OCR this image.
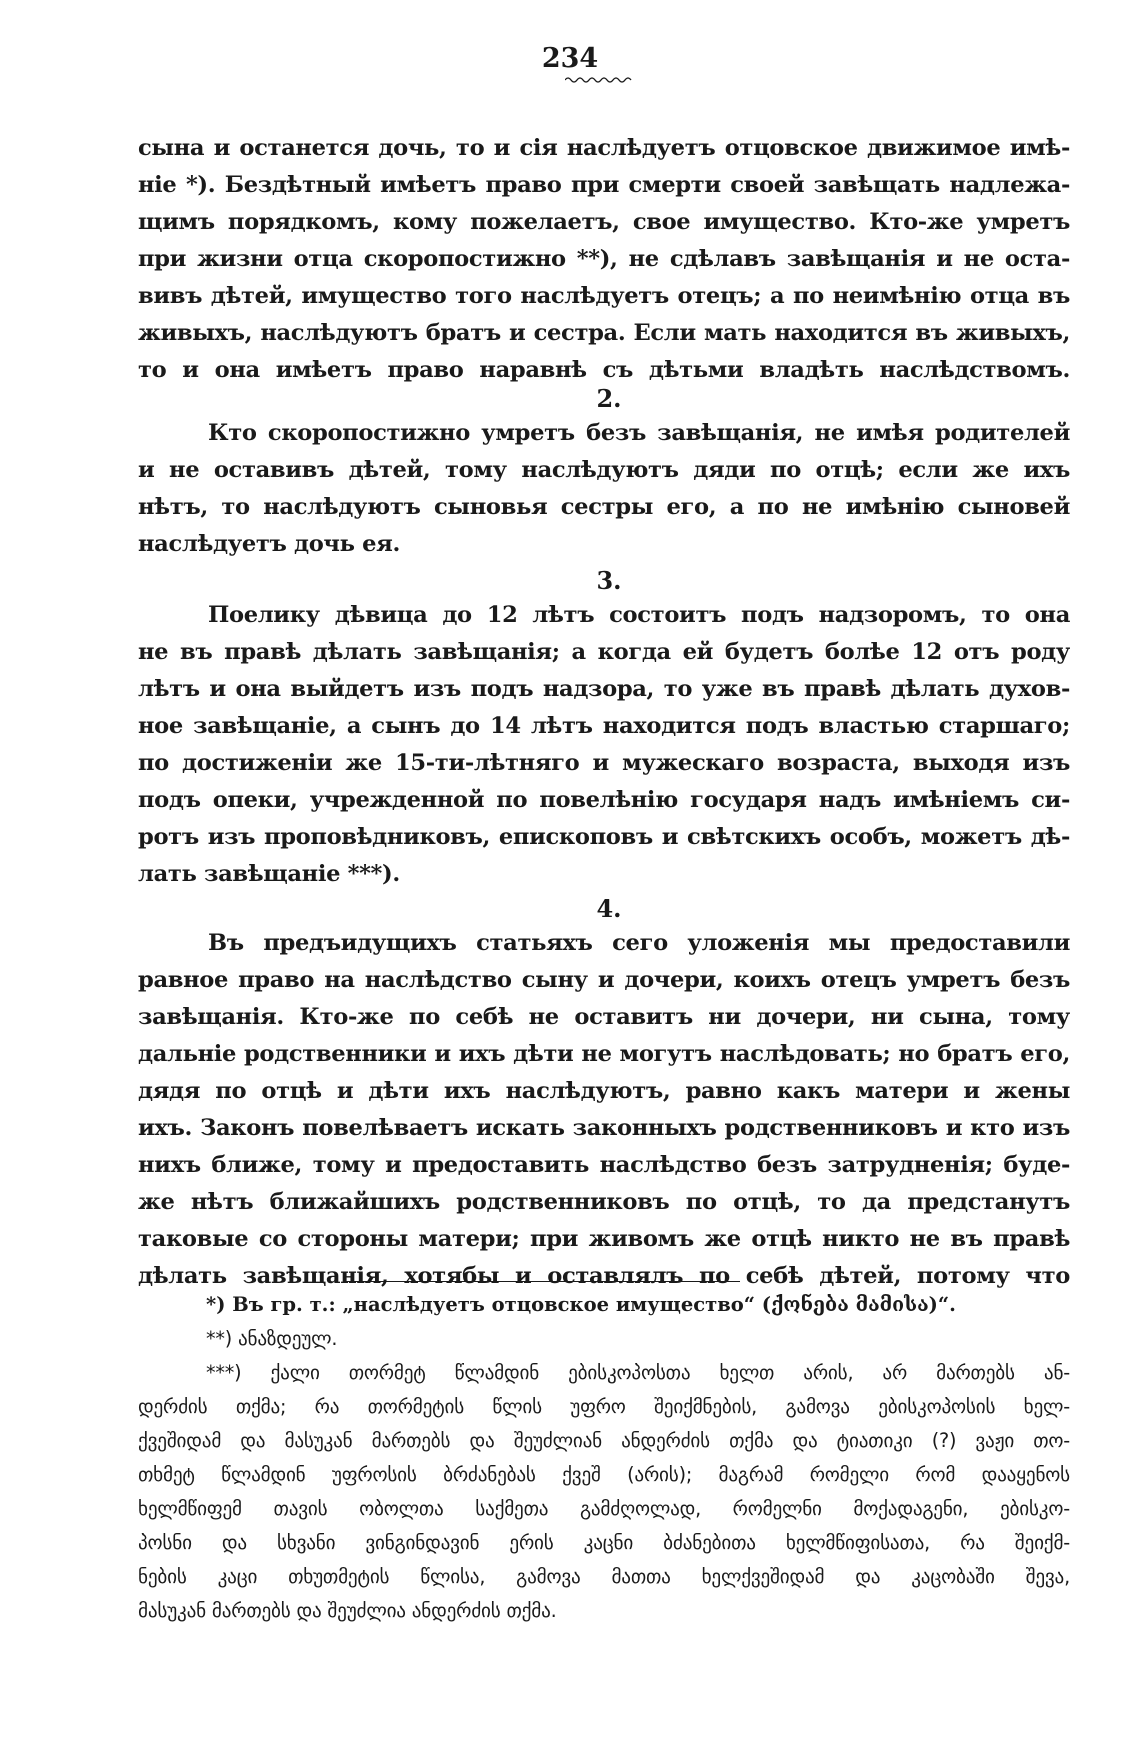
234
сына и останется дочь, то и сія наслѣдуетъ отцовское движимое имѣ-
ніе *). Бездѣтный имѣетъ право при смерти своей завѣщать надлежа-
щимъ порядкомъ, кому пожелаетъ, свое имущество. Кто-же умретъ
при жизни отца скоропостижно **), не сдѣлавъ завѣщанія и не оста-
вивъ дѣтей, имущество того наслѣдуетъ отецъ; а по неимѣнію отца въ
живыхъ, наслѣдуютъ братъ и сестра. Если мать находится въ живыхъ,
то и она имѣетъ право наравнѣ съ дѣтьми владѣть наслѣдствомъ.
2.
Кто скоропостижно умретъ безъ завѣщанія, не имѣя родителей
и не оставивъ дѣтей, тому наслѣдуютъ дяди по отцѣ; если же ихъ
нѣтъ, то наслѣдуютъ сыновья сестры его, а по не имѣнію сыновей
наслѣдуетъ дочь ея.
3.
Поелику дѣвица до 12 лѣтъ состоитъ подъ надзоромъ, то она
не въ правѣ дѣлать завѣщанія; а когда ей будетъ болѣе 12 отъ роду
лѣтъ и она выйдетъ изъ подъ надзора, то уже въ правѣ дѣлать духов-
ное завѣщаніе, а сынъ до 14 лѣтъ находится подъ властью старшаго;
по достиженіи же 15-ти-лѣтняго и мужескаго возраста, выходя изъ
подъ опеки, учрежденной по повелѣнію государя надъ имѣніемъ си-
ротъ изъ проповѣдниковъ, епископовъ и свѣтскихъ особъ, можетъ дѣ-
лать завѣщаніе ***).
4.
Въ предъидущихъ статьяхъ сего уложенія мы предоставили
равное право на наслѣдство сыну и дочери, коихъ отецъ умретъ безъ
завѣщанія. Кто-же по себѣ не оставитъ ни дочери, ни сына, тому
дальніе родственники и ихъ дѣти не могутъ наслѣдовать; но братъ его,
дядя по отцѣ и дѣти ихъ наслѣдуютъ, равно какъ матери и жены
ихъ. Законъ повелѣваетъ искать законныхъ родственниковъ и кто изъ
нихъ ближе, тому и предоставить наслѣдство безъ затрудненія; буде-
же нѣтъ ближайшихъ родственниковъ по отцѣ, то да предстанутъ
таковые со стороны матери; при живомъ же отцѣ никто не въ правѣ
дѣлать завѣщанія, хотябы и оставлялъ по себѣ дѣтей, потому что
*) Въ гр. т.: „наслѣдуетъ отцовское имущество“ (ქონება მამისა)“.
**) ანაზდეულ.
***) ქალი თორმეტ წლამდინ ებისკოპოსთა ხელთ არის, არ მართებს ან-
დერძის თქმა; რა თორმეტის წლის უფრო შეიქმნების, გამოვა ებისკოპოსის ხელ-
ქვეშიდამ და მასუკან მართებს და შეუძლიან ანდერძის თქმა და ტიათიკი (?) ვაჟი თო-
თხმეტ წლამდინ უფროსის ბრძანებას ქვეშ (არის); მაგრამ რომელი რომ დააყენოს
ხელმწიფემ თავის ობოლთა საქმეთა გამძღოლად, რომელნი მოქადაგენი, ებისკო-
პოსნი და სხვანი ვინგინდავინ ერის კაცნი ბძანებითა ხელმწიფისათა, რა შეიქმ-
ნების კაცი თხუთმეტის წლისა, გამოვა მათთა ხელქვეშიდამ და კაცობაში შევა,
მასუკან მართებს და შეუძლია ანდერძის თქმა.
